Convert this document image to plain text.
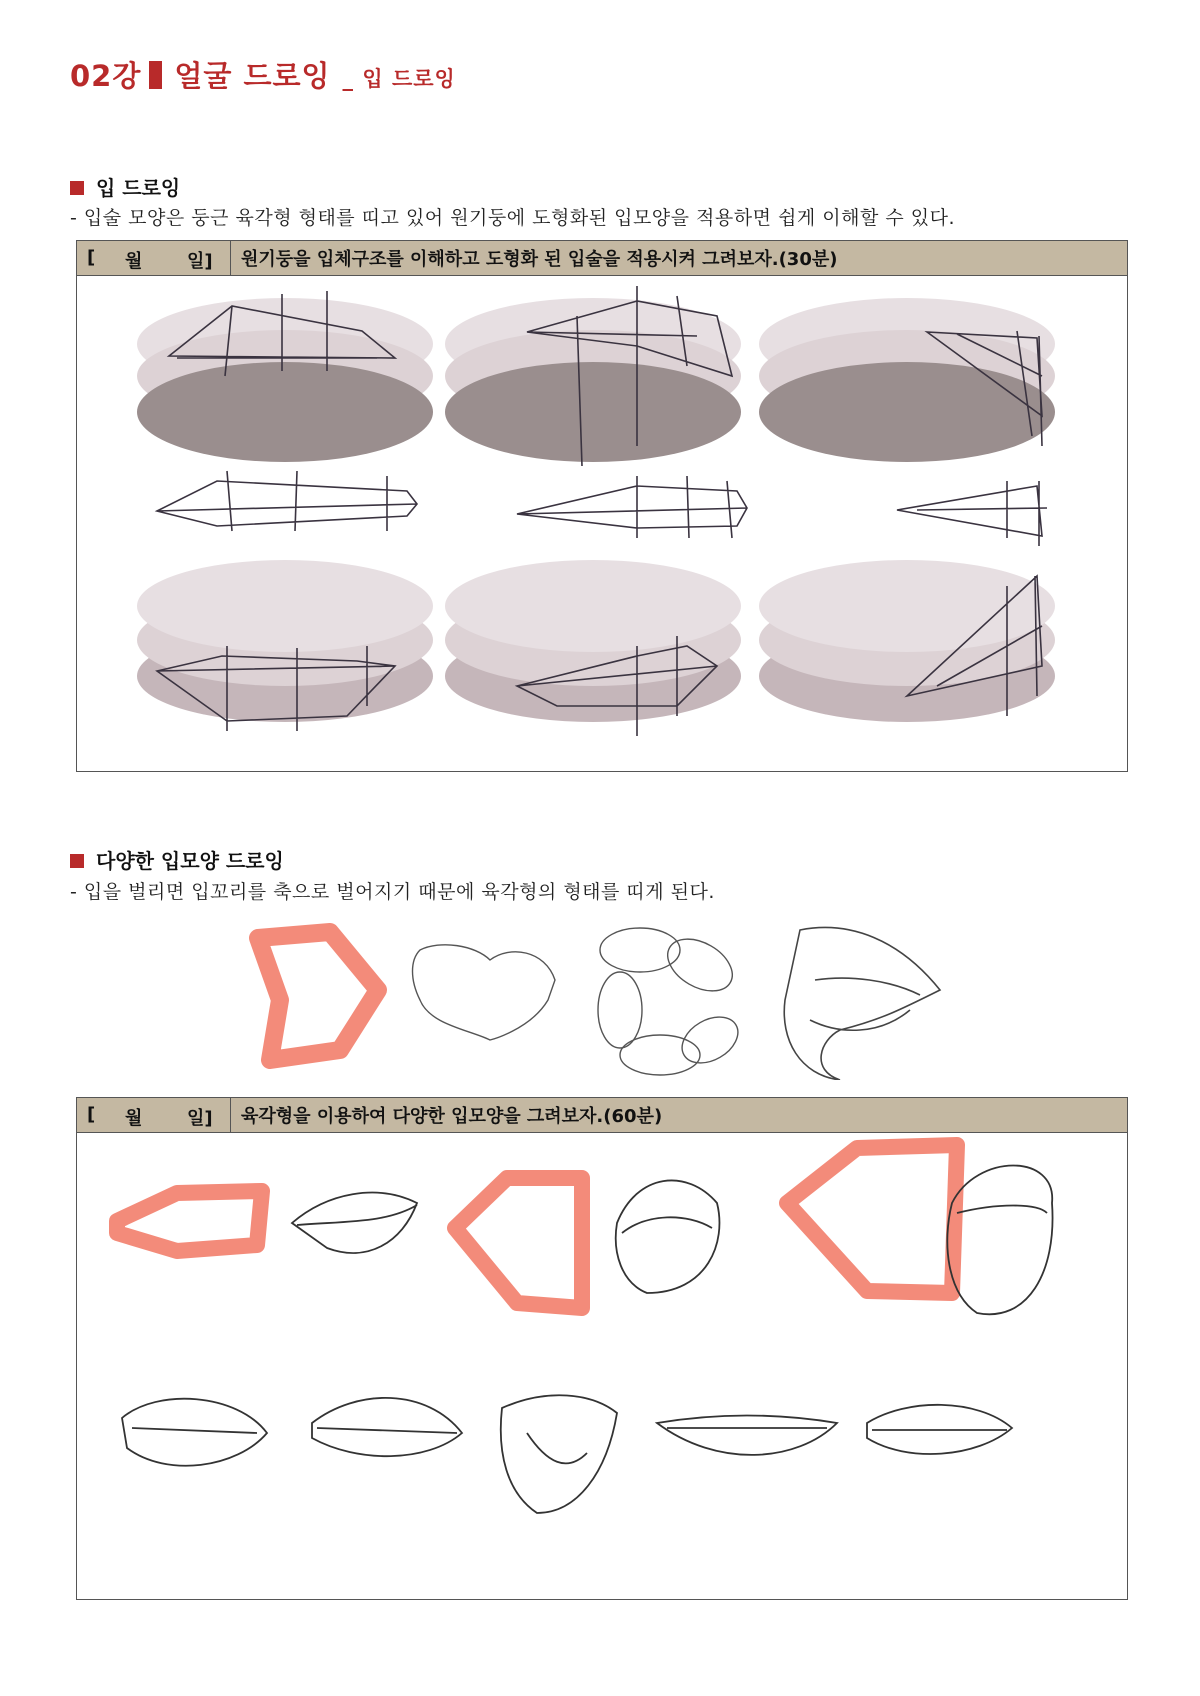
02강 얼굴 드로잉 _ 입 드로잉
입 드로잉
- 입술 모양은 둥근 육각형 형태를 띠고 있어 원기둥에 도형화된 입모양을 적용하면 쉽게 이해할 수 있다.
[ 월 일]	원기둥을 입체구조를 이해하고 도형화 된 입술을 적용시켜 그려보자.(30분)
다양한 입모양 드로잉
- 입을 벌리면 입꼬리를 축으로 벌어지기 때문에 육각형의 형태를 띠게 된다.
[ 월 일]	육각형을 이용하여 다양한 입모양을 그려보자.(60분)
